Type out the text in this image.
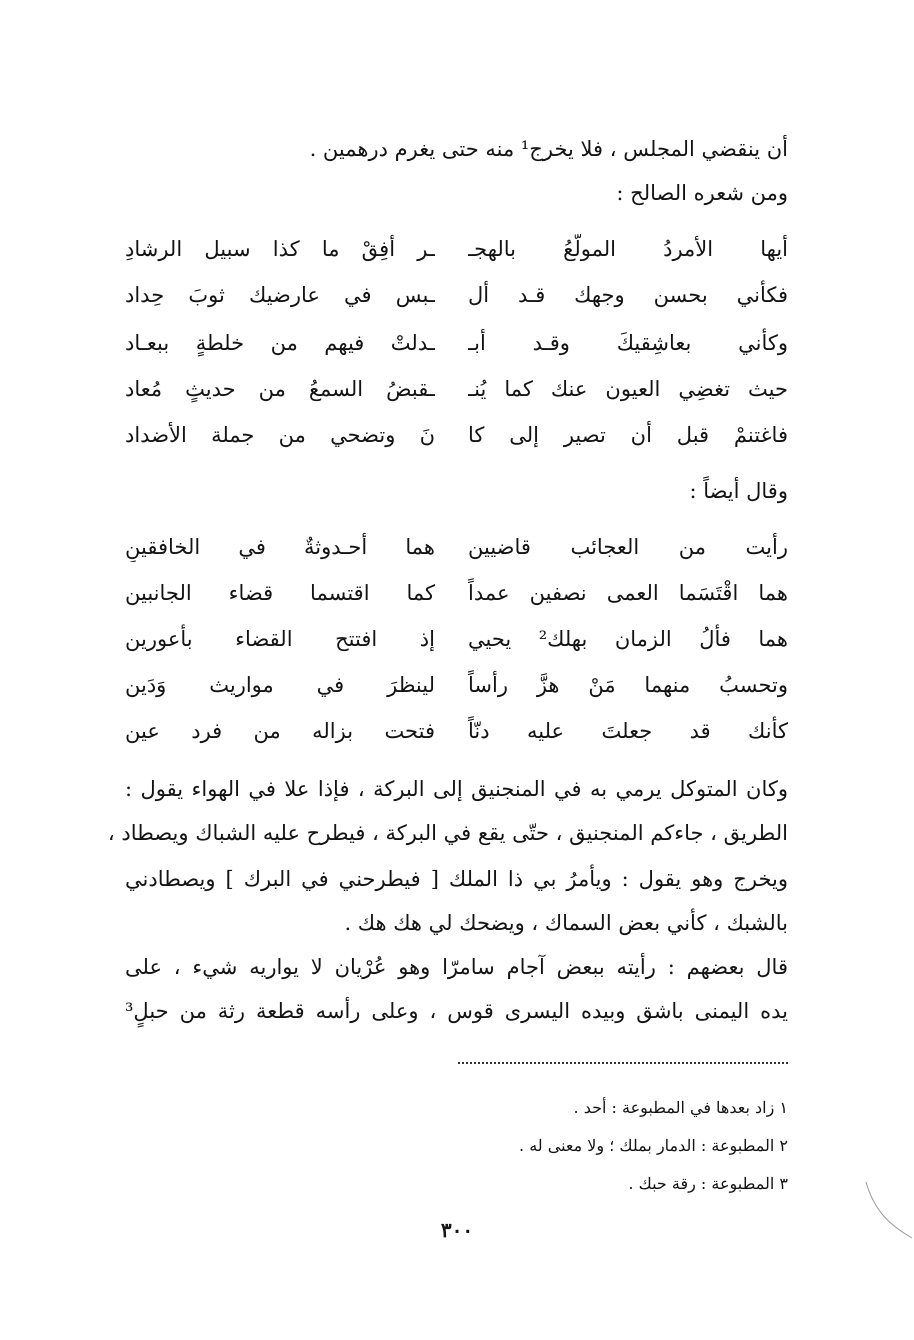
أن ينقضي المجلس ، فلا يخرج¹ منه حتى يغرم درهمين .
ومن شعره الصالح :
أيها الأمردُ المولّعُ بالهجـ
ـر أفِقْ ما كذا سبيل الرشادِ
فكأني بحسن وجهك قـد أل
ـبس في عارضيك ثوبَ حِداد
وكأني بعاشِقيكَ وقـد أبـ
ـدلتْ فيهم من خلطةٍ ببعـاد
حيث تغضِي العيون عنك كما يُنـ
ـقبضُ السمعُ من حديثٍ مُعاد
فاغتنمْ قبل أن تصير إلى كا
نَ وتضحي من جملة الأضداد
وقال أيضاً :
رأيت من العجائب قاضيين
هما أحـدوثةٌ في الخافقينِ
هما اقْتَسَما العمى نصفين عمداً
كما اقتسما قضاء الجانبين
هما فألُ الزمان بهلك² يحيي
إذ افتتح القضاء بأعورين
وتحسبُ منهما مَنْ هزَّ رأساً
لينظرَ في مواريث وَدَين
كأنك قد جعلتَ عليه دنّاً
فتحت بزاله من فرد عين
وكان المتوكل يرمي به في المنجنيق إلى البركة ، فإذا علا في الهواء يقول :
الطريق ، جاءكم المنجنيق ، حتّى يقع في البركة ، فيطرح عليه الشباك ويصطاد ،
ويخرج وهو يقول : ويأمرُ بي ذا الملك [ فيطرحني في البرك ] ويصطادني
بالشبك ، كأني بعض السماك ، ويضحك لي هك هك .
قال بعضهم : رأيته ببعض آجام سامرّا وهو عُرْيان لا يواريه شيء ، على
يده اليمنى باشق وبيده اليسرى قوس ، وعلى رأسه قطعة رثة من حبلٍ³
١ زاد بعدها في المطبوعة : أحد .
٢ المطبوعة : الدمار بملك ؛ ولا معنى له .
٣ المطبوعة : رقة حبك .
٣٠٠
